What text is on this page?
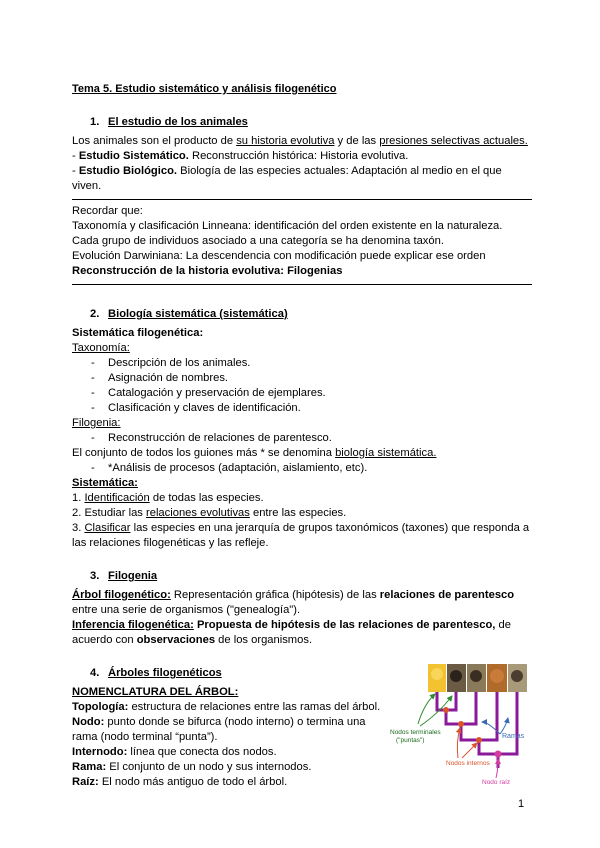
Tema 5. Estudio sistemático y análisis filogenético

1. El estudio de los animales

Los animales son el producto de su historia evolutiva y de las presiones selectivas actuales.

- Estudio Sistemático. Reconstrucción histórica: Historia evolutiva.

- Estudio Biológico. Biología de las especies actuales: Adaptación al medio en el que viven.

Recordar que:

Taxonomía y clasificación Linneana: identificación del orden existente en la naturaleza.

Cada grupo de individuos asociado a una categoría se ha denomina taxón.

Evolución Darwiniana: La descendencia con modificación puede explicar ese orden

Reconstrucción de la historia evolutiva: Filogenias

2. Biología sistemática (sistemática)

Sistemática filogenética:

Taxonomía:

- Descripción de los animales.
- Asignación de nombres.
- Catalogación y preservación de ejemplares.
- Clasificación y claves de identificación.

Filogenia:

- Reconstrucción de relaciones de parentesco.

El conjunto de todos los guiones más * se denomina biología sistemática.

- *Análisis de procesos (adaptación, aislamiento, etc).

Sistemática:

1. Identificación de todas las especies.

2. Estudiar las relaciones evolutivas entre las especies.

3. Clasificar las especies en una jerarquía de grupos taxonómicos (taxones) que responda a las relaciones filogenéticas y las refleje.

3. Filogenia

Árbol filogenético: Representación gráfica (hipótesis) de las relaciones de parentesco entre una serie de organismos ("genealogía").

Inferencia filogenética: Propuesta de hipótesis de las relaciones de parentesco, de acuerdo con observaciones de los organismos.

4. Árboles filogenéticos

NOMENCLATURA DEL ÁRBOL:

Topología: estructura de relaciones entre las ramas del árbol.

Nodo: punto donde se bifurca (nodo interno) o termina una rama (nodo terminal “punta”).

Internodo: línea que conecta dos nodos.

Rama: El conjunto de un nodo y sus internodos.

Raíz: El nodo más antiguo de todo el árbol.

Nodos terminales
("puntas")
Ramas
Nodos internos
Nodo raíz
1
